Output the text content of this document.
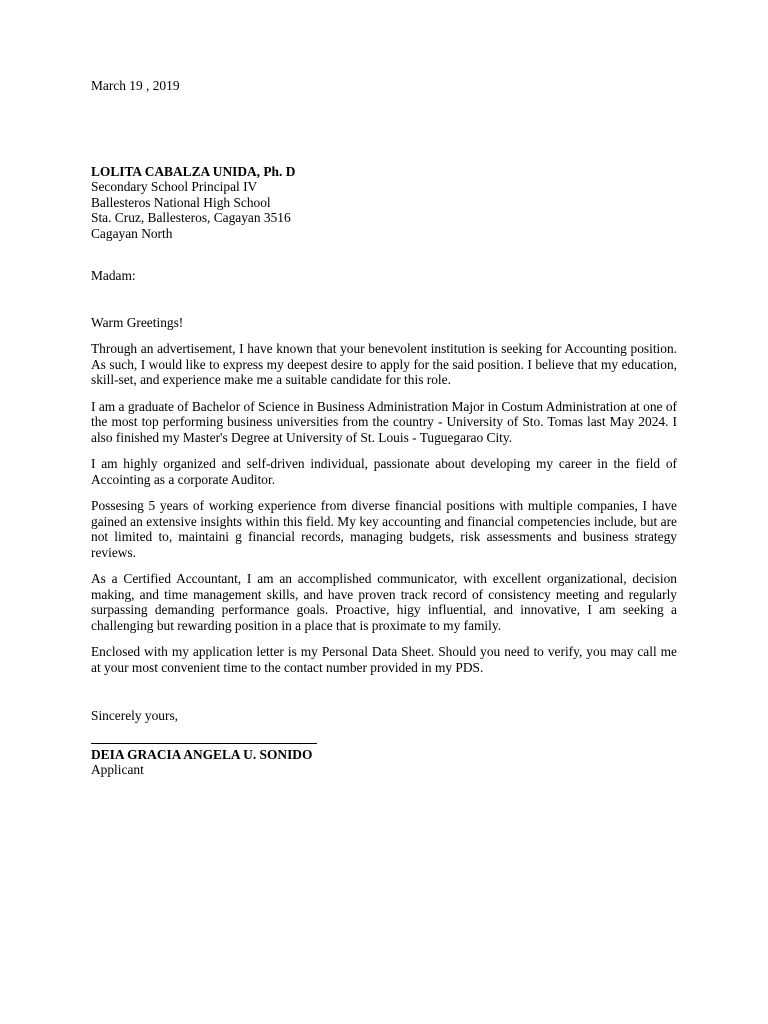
March 19 , 2019
LOLITA CABALZA UNIDA, Ph. D
Secondary School Principal IV
Ballesteros National High School
Sta. Cruz, Ballesteros, Cagayan 3516
Cagayan North
Madam:
Warm Greetings!

Through an advertisement, I have known that your benevolent institution is seeking for Accounting position. As such, I would like to express my deepest desire to apply for the said position. I believe that my education, skill-set, and experience make me a suitable candidate for this role.

I am a graduate of Bachelor of Science in Business Administration Major in Costum Administration at one of the most top performing business universities from the country - University of Sto. Tomas last May 2024. I also finished my Master's Degree at University of St. Louis - Tuguegarao City.

I am highly organized and self-driven individual, passionate about developing my career in the field of Accointing as a corporate Auditor.

Possesing 5 years of working experience from diverse financial positions with multiple companies, I have gained an extensive insights within this field. My key accounting and financial competencies include, but are not limited to, maintaini g financial records, managing budgets, risk assessments and business strategy reviews.

As a Certified Accountant, I am an accomplished communicator, with excellent organizational, decision making, and time management skills, and have proven track record of consistency meeting and regularly surpassing demanding performance goals. Proactive, higy influential, and innovative, I am seeking a challenging but rewarding position in a place that is proximate to my family.

Enclosed with my application letter is my Personal Data Sheet. Should you need to verify, you may call me at your most convenient time to the contact number provided in my PDS.

Sincerely yours,
DEIA GRACIA ANGELA U. SONIDO
Applicant
